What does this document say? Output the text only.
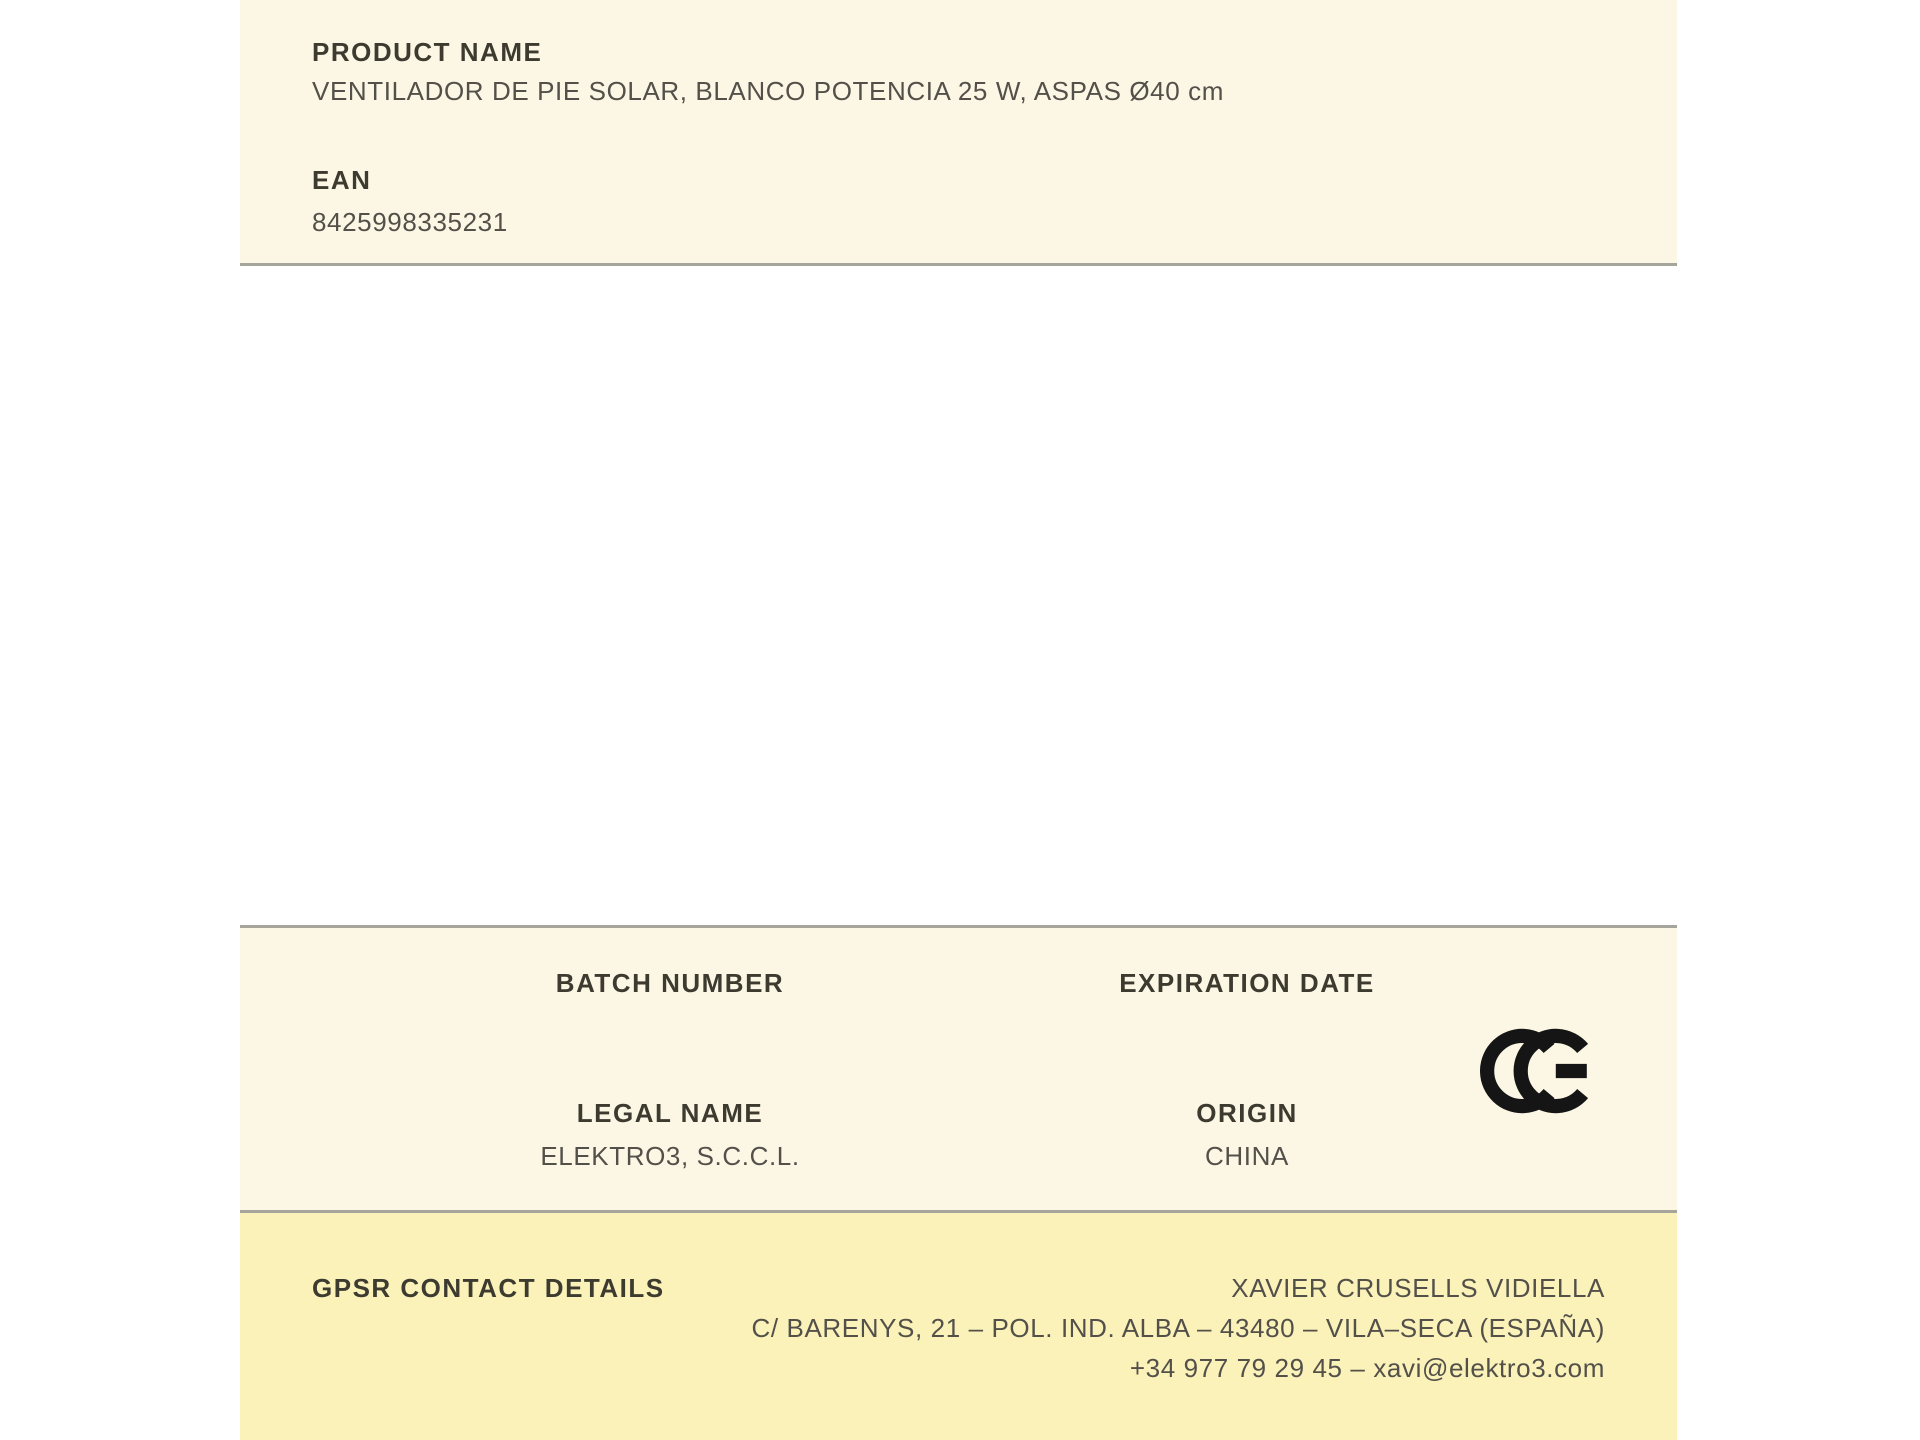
PRODUCT NAME
VENTILADOR DE PIE SOLAR, BLANCO POTENCIA 25 W, ASPAS Ø40 cm
EAN
8425998335231
BATCH NUMBER	EXPIRATION DATE
LEGAL NAME
ELEKTRO3, S.C.C.L.
ORIGIN
CHINA
GPSR CONTACT DETAILS	XAVIER CRUSELLS VIDIELLA
C/ BARENYS, 21 – POL. IND. ALBA – 43480 – VILA–SECA (ESPAÑA)
+34 977 79 29 45 – xavi@elektro3.com
